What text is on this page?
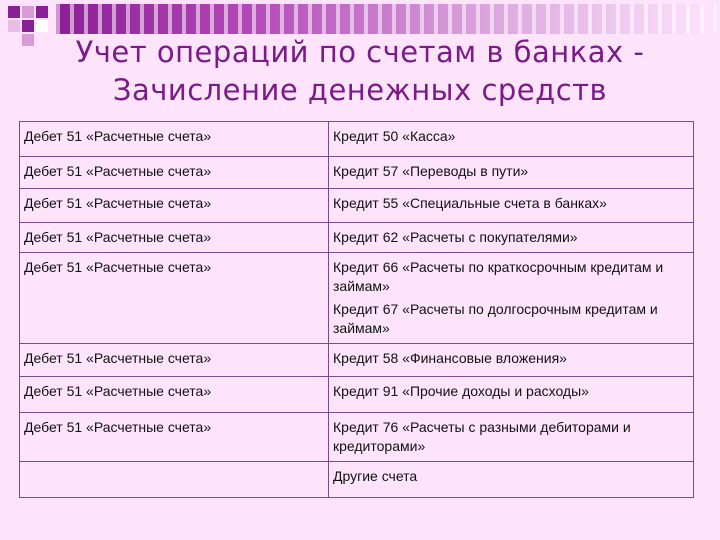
Учет операций по счетам в банках -
Зачисление денежных средств
Дебет 51 «Расчетные счета»	Кредит 50 «Касса»

Дебет 51 «Расчетные счета»	Кредит 57 «Переводы в пути»

Дебет 51 «Расчетные счета»	Кредит 55 «Специальные счета в банках»

Дебет 51 «Расчетные счета»	Кредит 62 «Расчеты с покупателями»

Дебет 51 «Расчетные счета»	Кредит 66 «Расчеты по краткосрочным кредитам и займам»

Кредит 67 «Расчеты по долгосрочным кредитам и займам»

Дебет 51 «Расчетные счета»	Кредит 58 «Финансовые вложения»

Дебет 51 «Расчетные счета»	Кредит 91 «Прочие доходы и расходы»

Дебет 51 «Расчетные счета»	Кредит 76 «Расчеты с разными дебиторами и кредиторами»

	Другие счета
